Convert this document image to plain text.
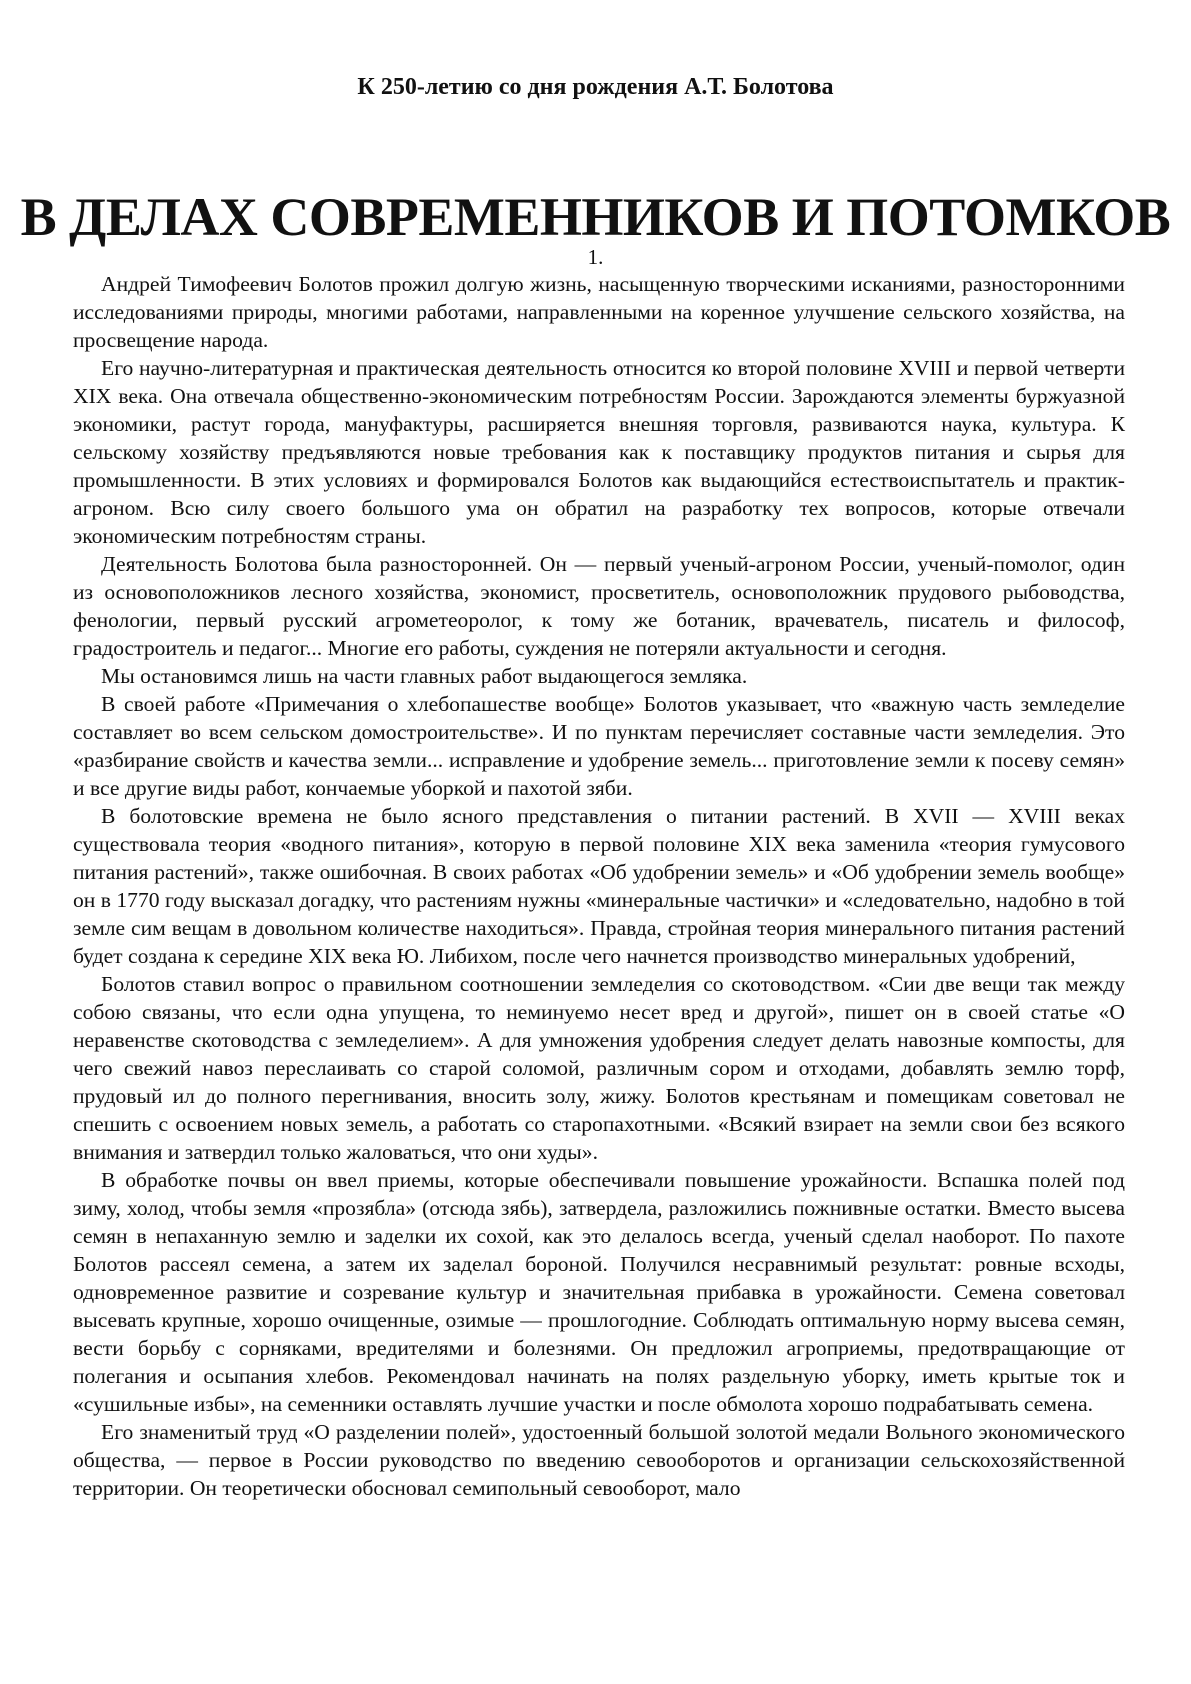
К 250-летию со дня рождения А.Т. Болотова
В ДЕЛАХ СОВРЕМЕННИКОВ И ПОТОМКОВ
1.

Андрей Тимофеевич Болотов прожил долгую жизнь, насыщенную творческими исканиями, разносторонними исследованиями природы, многими работами, направленными на коренное улучшение сельского хозяйства, на просвещение народа.

Его научно-литературная и практическая деятельность относится ко второй половине XVIII и первой четверти XIX века. Она отвечала общественно-экономическим потребностям России. Зарождаются элементы буржуазной экономики, растут города, мануфактуры, расширяется внешняя торговля, развиваются наука, культура. К сельскому хозяйству предъявляются новые требования как к поставщику продуктов питания и сырья для промышленности. В этих условиях и формировался Болотов как выдающийся естествоиспытатель и практик-агроном. Всю силу своего большого ума он обратил на разработку тех вопросов, которые отвечали экономическим потребностям страны.

Деятельность Болотова была разносторонней. Он — первый ученый-агроном России, ученый-помолог, один из основоположников лесного хозяйства, экономист, просветитель, основоположник прудового рыбоводства, фенологии, первый русский агрометеоролог, к тому же ботаник, врачеватель, писатель и философ, градостроитель и педагог... Многие его работы, суждения не потеряли актуальности и сегодня.

Мы остановимся лишь на части главных работ выдающегося земляка.

В своей работе «Примечания о хлебопашестве вообще» Болотов указывает, что «важную часть земледелие составляет во всем сельском домостроительстве». И по пунктам перечисляет составные части земледелия. Это «разбирание свойств и качества земли... исправление и удобрение земель... приготовление земли к посеву семян» и все другие виды работ, кончаемые уборкой и пахотой зяби.

В болотовские времена не было ясного представления о питании растений. В XVII — XVIII веках существовала теория «водного питания», которую в первой половине XIX века заменила «теория гумусового питания растений», также ошибочная. В своих работах «Об удобрении земель» и «Об удобрении земель вообще» он в 1770 году высказал догадку, что растениям нужны «минеральные частички» и «следовательно, надобно в той земле сим вещам в довольном количестве находиться». Правда, стройная теория минерального питания растений будет создана к середине XIX века Ю. Либихом, после чего начнется производство минеральных удобрений,

Болотов ставил вопрос о правильном соотношении земледелия со скотоводством. «Сии две вещи так между собою связаны, что если одна упущена, то неминуемо несет вред и другой», пишет он в своей статье «О неравенстве скотоводства с земледелием». А для умножения удобрения следует делать навозные компосты, для чего свежий навоз переслаивать со старой соломой, различным сором и отходами, добавлять землю торф, прудовый ил до полного перегнивания, вносить золу, жижу. Болотов крестьянам и помещикам советовал не спешить с освоением новых земель, а работать со старопахотными. «Всякий взирает на земли свои без всякого внимания и затвердил только жаловаться, что они худы».

В обработке почвы он ввел приемы, которые обеспечивали повышение урожайности. Вспашка полей под зиму, холод, чтобы земля «прозябла» (отсюда зябь), затвердела, разложились пожнивные остатки. Вместо высева семян в непаханную землю и заделки их сохой, как это делалось всегда, ученый сделал наоборот. По пахоте Болотов рассеял семена, а затем их заделал бороной. Получился несравнимый результат: ровные всходы, одновременное развитие и созревание культур и значительная прибавка в урожайности. Семена советовал высевать крупные, хорошо очищенные, озимые — прошлогодние. Соблюдать оптимальную норму высева семян, вести борьбу с сорняками, вредителями и болезнями. Он предложил агроприемы, предотвращающие от полегания и осыпания хлебов. Рекомендовал начинать на полях раздельную уборку, иметь крытые ток и «сушильные избы», на семенники оставлять лучшие участки и после обмолота хорошо подрабатывать семена.

Его знаменитый труд «О разделении полей», удостоенный большой золотой медали Вольного экономического общества, — первое в России руководство по введению севооборотов и организации сельскохозяйственной территории. Он теоретически обосновал семипольный севооборот, мало
